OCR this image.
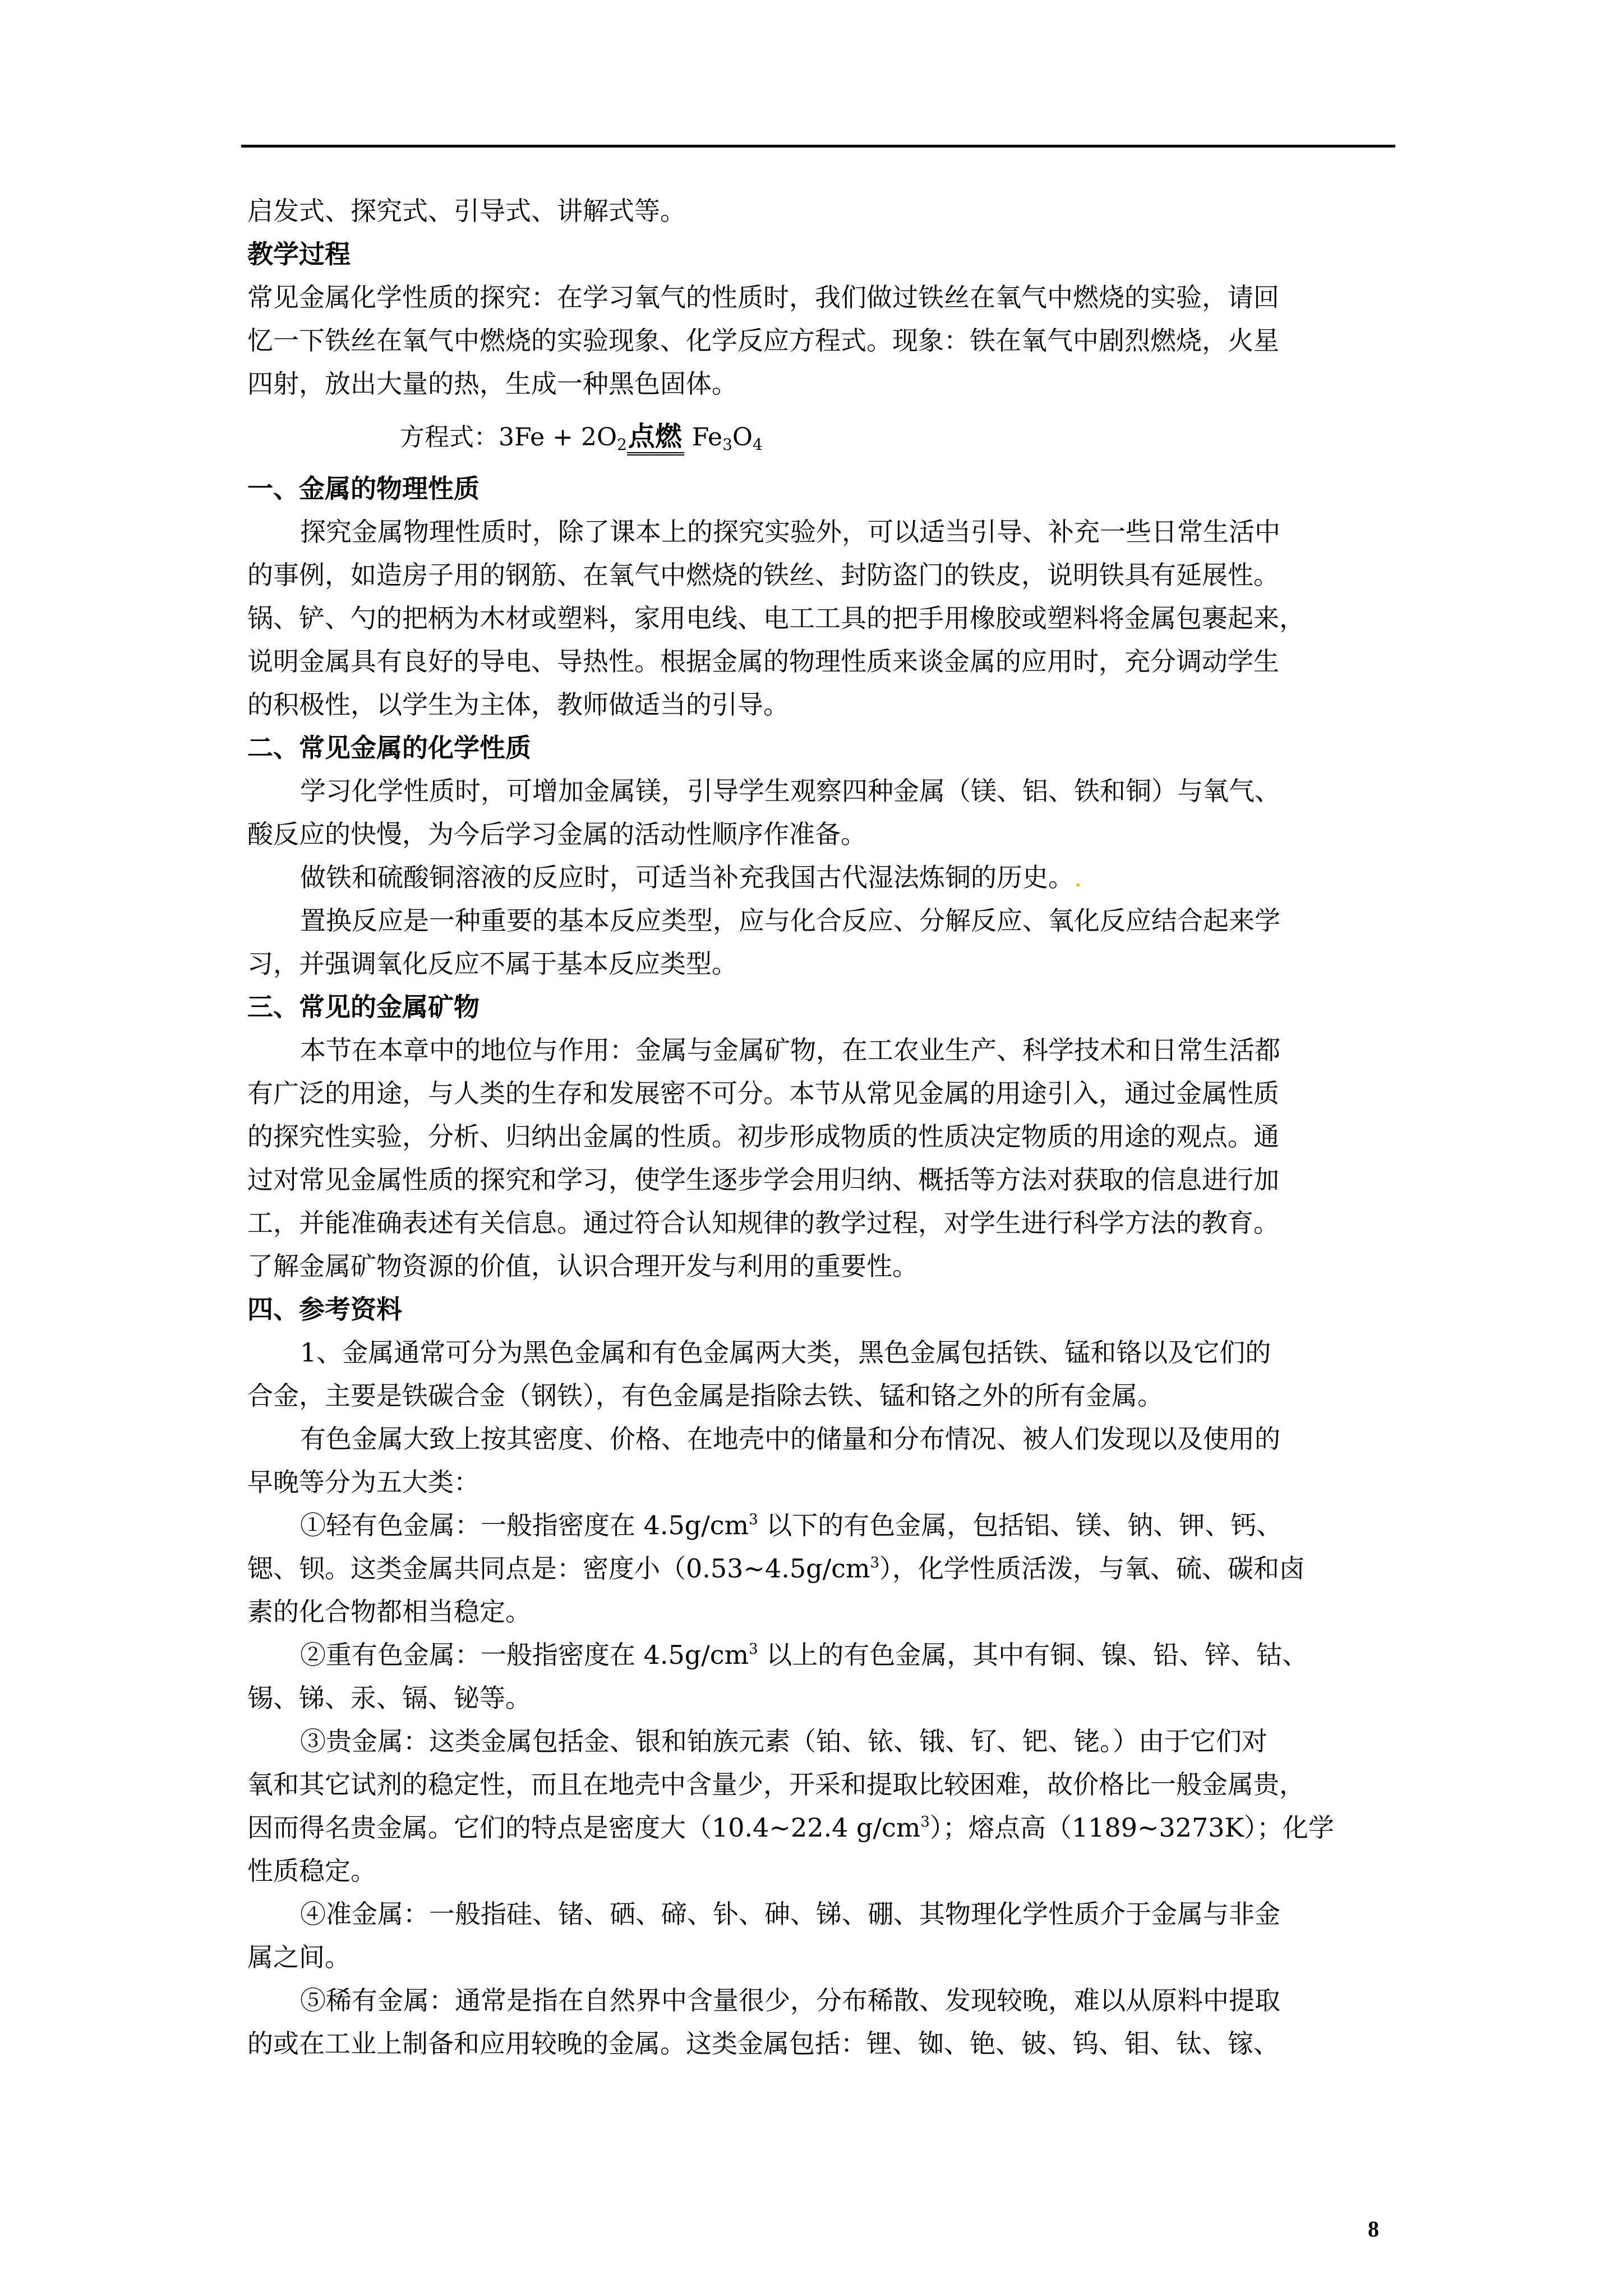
启发式、探究式、引导式、讲解式等。
教学过程
常见金属化学性质的探究：在学习氧气的性质时，我们做过铁丝在氧气中燃烧的实验，请回
忆一下铁丝在氧气中燃烧的实验现象、化学反应方程式。现象：铁在氧气中剧烈燃烧，火星
四射，放出大量的热，生成一种黑色固体。
方程式：$3Fe + 2O_2$点燃 $Fe_3O_4$
一、金属的物理性质
探究金属物理性质时，除了课本上的探究实验外，可以适当引导、补充一些日常生活中
的事例，如造房子用的钢筋、在氧气中燃烧的铁丝、封防盗门的铁皮，说明铁具有延展性。
锅、铲、勺的把柄为木材或塑料，家用电线、电工工具的把手用橡胶或塑料将金属包裹起来，
说明金属具有良好的导电、导热性。根据金属的物理性质来谈金属的应用时，充分调动学生
的积极性，以学生为主体，教师做适当的引导。
二、常见金属的化学性质
学习化学性质时，可增加金属镁，引导学生观察四种金属（镁、铝、铁和铜）与氧气、
酸反应的快慢，为今后学习金属的活动性顺序作准备。
做铁和硫酸铜溶液的反应时，可适当补充我国古代湿法炼铜的历史。.
置换反应是一种重要的基本反应类型，应与化合反应、分解反应、氧化反应结合起来学
习，并强调氧化反应不属于基本反应类型。
三、常见的金属矿物
本节在本章中的地位与作用：金属与金属矿物，在工农业生产、科学技术和日常生活都
有广泛的用途，与人类的生存和发展密不可分。本节从常见金属的用途引入，通过金属性质
的探究性实验，分析、归纳出金属的性质。初步形成物质的性质决定物质的用途的观点。通
过对常见金属性质的探究和学习，使学生逐步学会用归纳、概括等方法对获取的信息进行加
工，并能准确表述有关信息。通过符合认知规律的教学过程，对学生进行科学方法的教育。
了解金属矿物资源的价值，认识合理开发与利用的重要性。
四、参考资料
1、金属通常可分为黑色金属和有色金属两大类，黑色金属包括铁、锰和铬以及它们的
合金，主要是铁碳合金（钢铁），有色金属是指除去铁、锰和铬之外的所有金属。
有色金属大致上按其密度、价格、在地壳中的储量和分布情况、被人们发现以及使用的
早晚等分为五大类：
①轻有色金属：一般指密度在 $4.5g/cm^3$ 以下的有色金属，包括铝、镁、钠、钾、钙、
锶、钡。这类金属共同点是：密度小$(0.53\sim 4.5g/cm^3)$，化学性质活泼，与氧、硫、碳和卤
素的化合物都相当稳定。
②重有色金属：一般指密度在 $4.5g/cm^3$ 以上的有色金属，其中有铜、镍、铅、锌、钴、
锡、锑、汞、镉、铋等。
③贵金属：这类金属包括金、银和铂族元素（铂、铱、锇、钌、钯、铑。）由于它们对
氧和其它试剂的稳定性，而且在地壳中含量少，开采和提取比较困难，故价格比一般金属贵，
因而得名贵金属。它们的特点是密度大（10.4~22.4 $g/cm^3$）；熔点高（1189~3273K）；化学
性质稳定。
④准金属：一般指硅、锗、硒、碲、钋、砷、锑、硼、其物理化学性质介于金属与非金
属之间。
⑤稀有金属：通常是指在自然界中含量很少，分布稀散、发现较晚，难以从原料中提取
的或在工业上制备和应用较晚的金属。这类金属包括：锂、铷、铯、铍、钨、钼、钛、镓、
8
